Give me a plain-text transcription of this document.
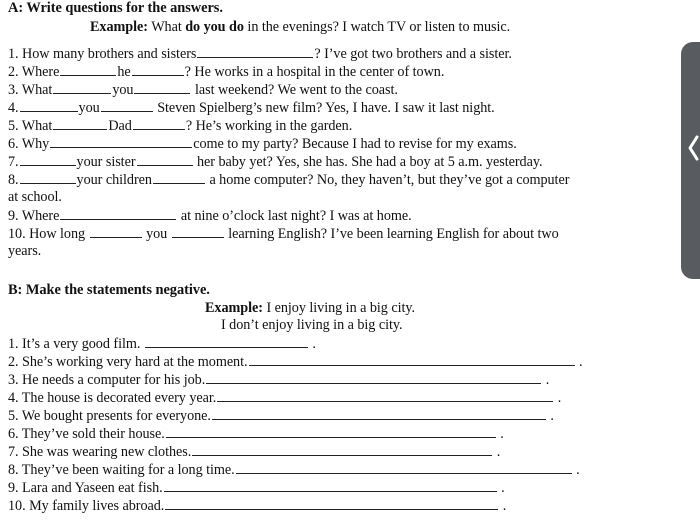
A: Write questions for the answers.
Example: What do you do in the evenings? I watch TV or listen to music.
1. How many brothers and sisters	? I’ve got two brothers and a sister.
2. Where	he	? He works in a hospital in the center of town.
3. What	you	last weekend? We went to the coast.
4.	you	Steven Spielberg’s new film? Yes, I have. I saw it last night.
5. What	Dad	? He’s working in the garden.
6. Why	come to my party? Because I had to revise for my exams.
7.	your sister	her baby yet? Yes, she has. She had a boy at 5 a.m. yesterday.
8.	your children	a home computer? No, they haven’t, but they’ve got a computer
at school.
9. Where	at nine o’clock last night? I was at home.
10. How long	you	learning English? I’ve been learning English for about two
years.
B: Make the statements negative.
Example: I enjoy living in a big city.
I don’t enjoy living in a big city.
1. It’s a very good film.	.
2. She’s working very hard at the moment.	.
3. He needs a computer for his job.	.
4. The house is decorated every year.	.
5. We bought presents for everyone.	.
6. They’ve sold their house.	.
7. She was wearing new clothes.	.
8. They’ve been waiting for a long time.	.
9. Lara and Yaseen eat fish.	.
10. My family lives abroad.	.
